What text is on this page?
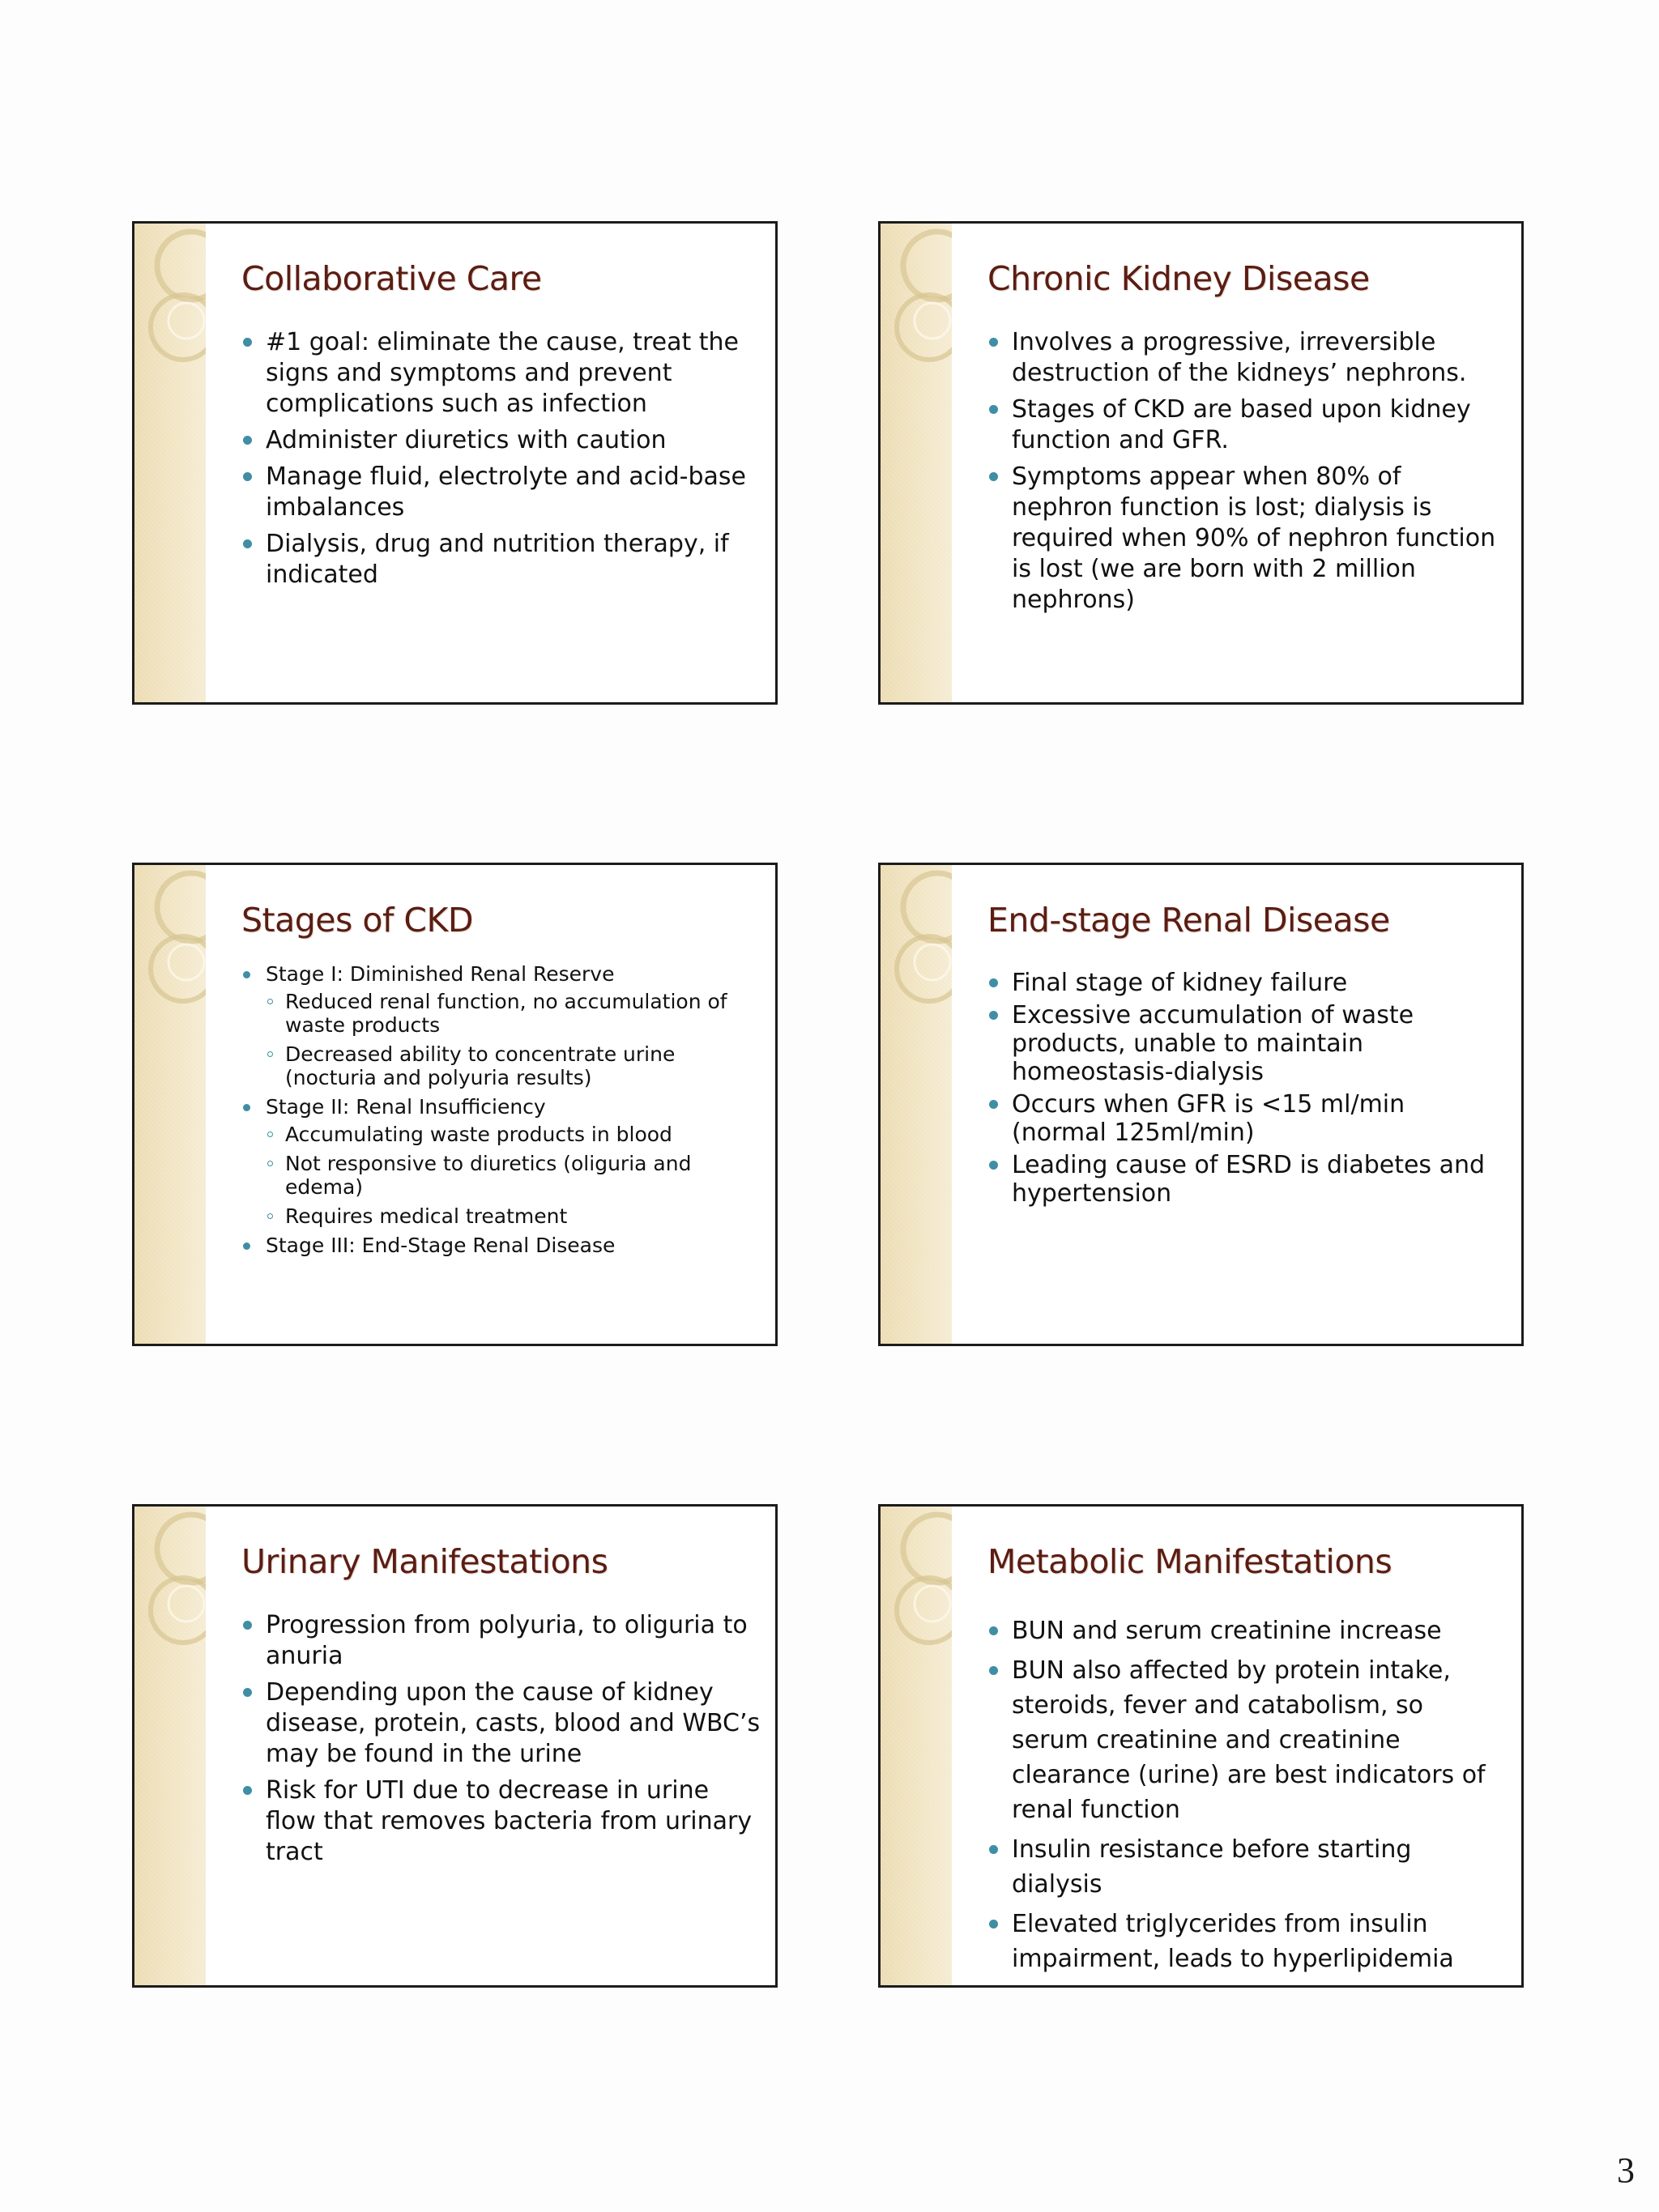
Collaborative Care
#1 goal: eliminate the cause, treat the signs and symptoms and prevent complications such as infection
Administer diuretics with caution
Manage fluid, electrolyte and acid-base imbalances
Dialysis, drug and nutrition therapy, if indicated
Chronic Kidney Disease
Involves a progressive, irreversible destruction of the kidneys’ nephrons.
Stages of CKD are based upon kidney function and GFR.
Symptoms appear when 80% of nephron function is lost; dialysis is required when 90% of nephron function is lost (we are born with 2 million nephrons)
Stages of CKD
Stage I: Diminished Renal Reserve
Reduced renal function, no accumulation of waste products
Decreased ability to concentrate urine (nocturia and polyuria results)
Stage II: Renal Insufficiency
Accumulating waste products in blood
Not responsive to diuretics (oliguria and edema)
Requires medical treatment
Stage III: End-Stage Renal Disease
End-stage Renal Disease
Final stage of kidney failure
Excessive accumulation of waste products, unable to maintain homeostasis-dialysis
Occurs when GFR is <15 ml/min (normal 125ml/min)
Leading cause of ESRD is diabetes and hypertension
Urinary Manifestations
Progression from polyuria, to oliguria to anuria
Depending upon the cause of kidney disease, protein, casts, blood and WBC’s may be found in the urine
Risk for UTI due to decrease in urine flow that removes bacteria from urinary tract
Metabolic Manifestations
BUN and serum creatinine increase
BUN also affected by protein intake, steroids, fever and catabolism, so serum creatinine and creatinine clearance (urine) are best indicators of renal function
Insulin resistance before starting dialysis
Elevated triglycerides from insulin impairment, leads to hyperlipidemia
3
